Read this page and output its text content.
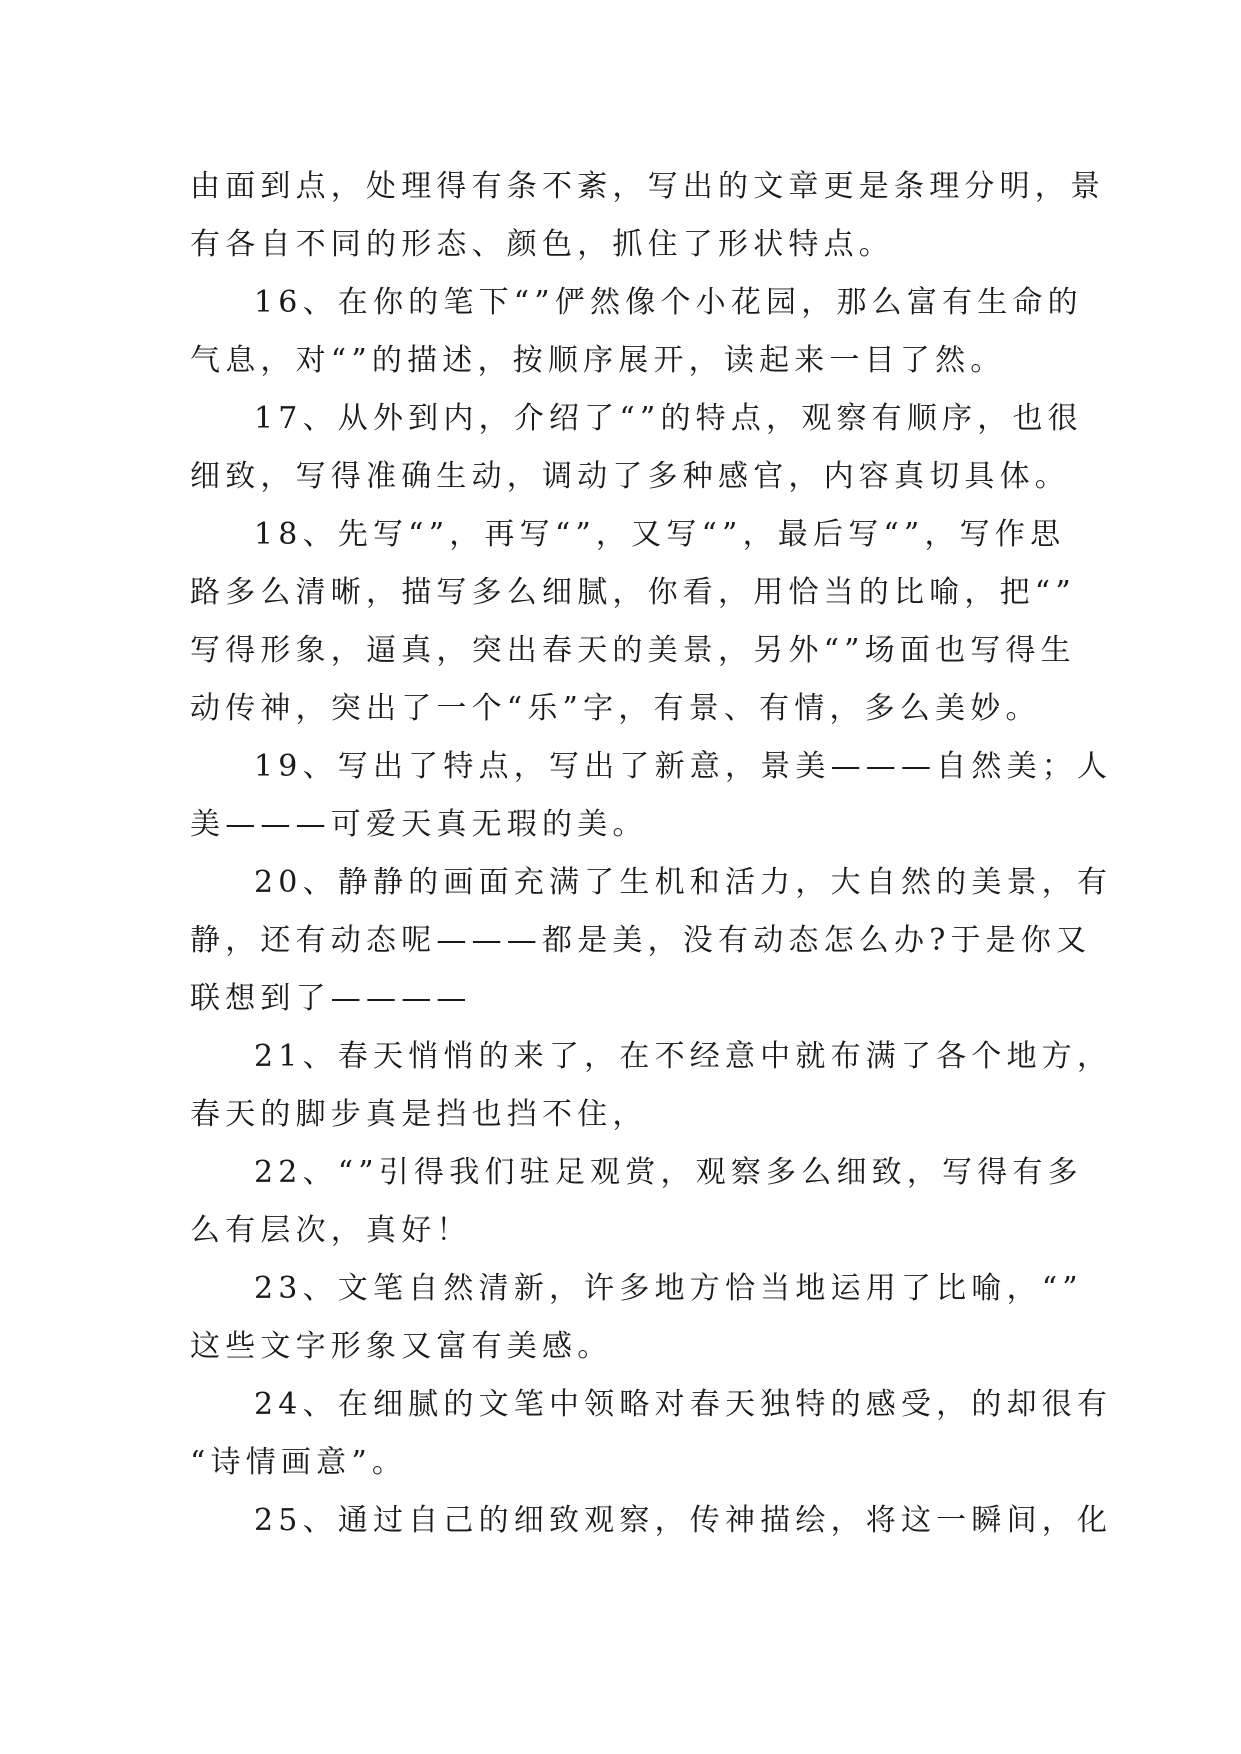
由面到点，处理得有条不紊，写出的文章更是条理分明，景
有各自不同的形态、颜色，抓住了形状特点。
16、在你的笔下“”俨然像个小花园，那么富有生命的
气息，对“”的描述，按顺序展开，读起来一目了然。
17、从外到内，介绍了“”的特点，观察有顺序，也很
细致，写得准确生动，调动了多种感官，内容真切具体。
18、先写“”，再写“”，又写“”，最后写“”，写作思
路多么清晰，描写多么细腻，你看，用恰当的比喻，把“”
写得形象，逼真，突出春天的美景，另外“”场面也写得生
动传神，突出了一个“乐”字，有景、有情，多么美妙。
19、写出了特点，写出了新意，景美———自然美；人
美———可爱天真无瑕的美。
20、静静的画面充满了生机和活力，大自然的美景，有
静，还有动态呢———都是美，没有动态怎么办?于是你又
联想到了————
21、春天悄悄的来了，在不经意中就布满了各个地方，
春天的脚步真是挡也挡不住，
22、“”引得我们驻足观赏，观察多么细致，写得有多
么有层次，真好！
23、文笔自然清新，许多地方恰当地运用了比喻，“”
这些文字形象又富有美感。
24、在细腻的文笔中领略对春天独特的感受，的却很有
“诗情画意”。
25、通过自己的细致观察，传神描绘，将这一瞬间，化
